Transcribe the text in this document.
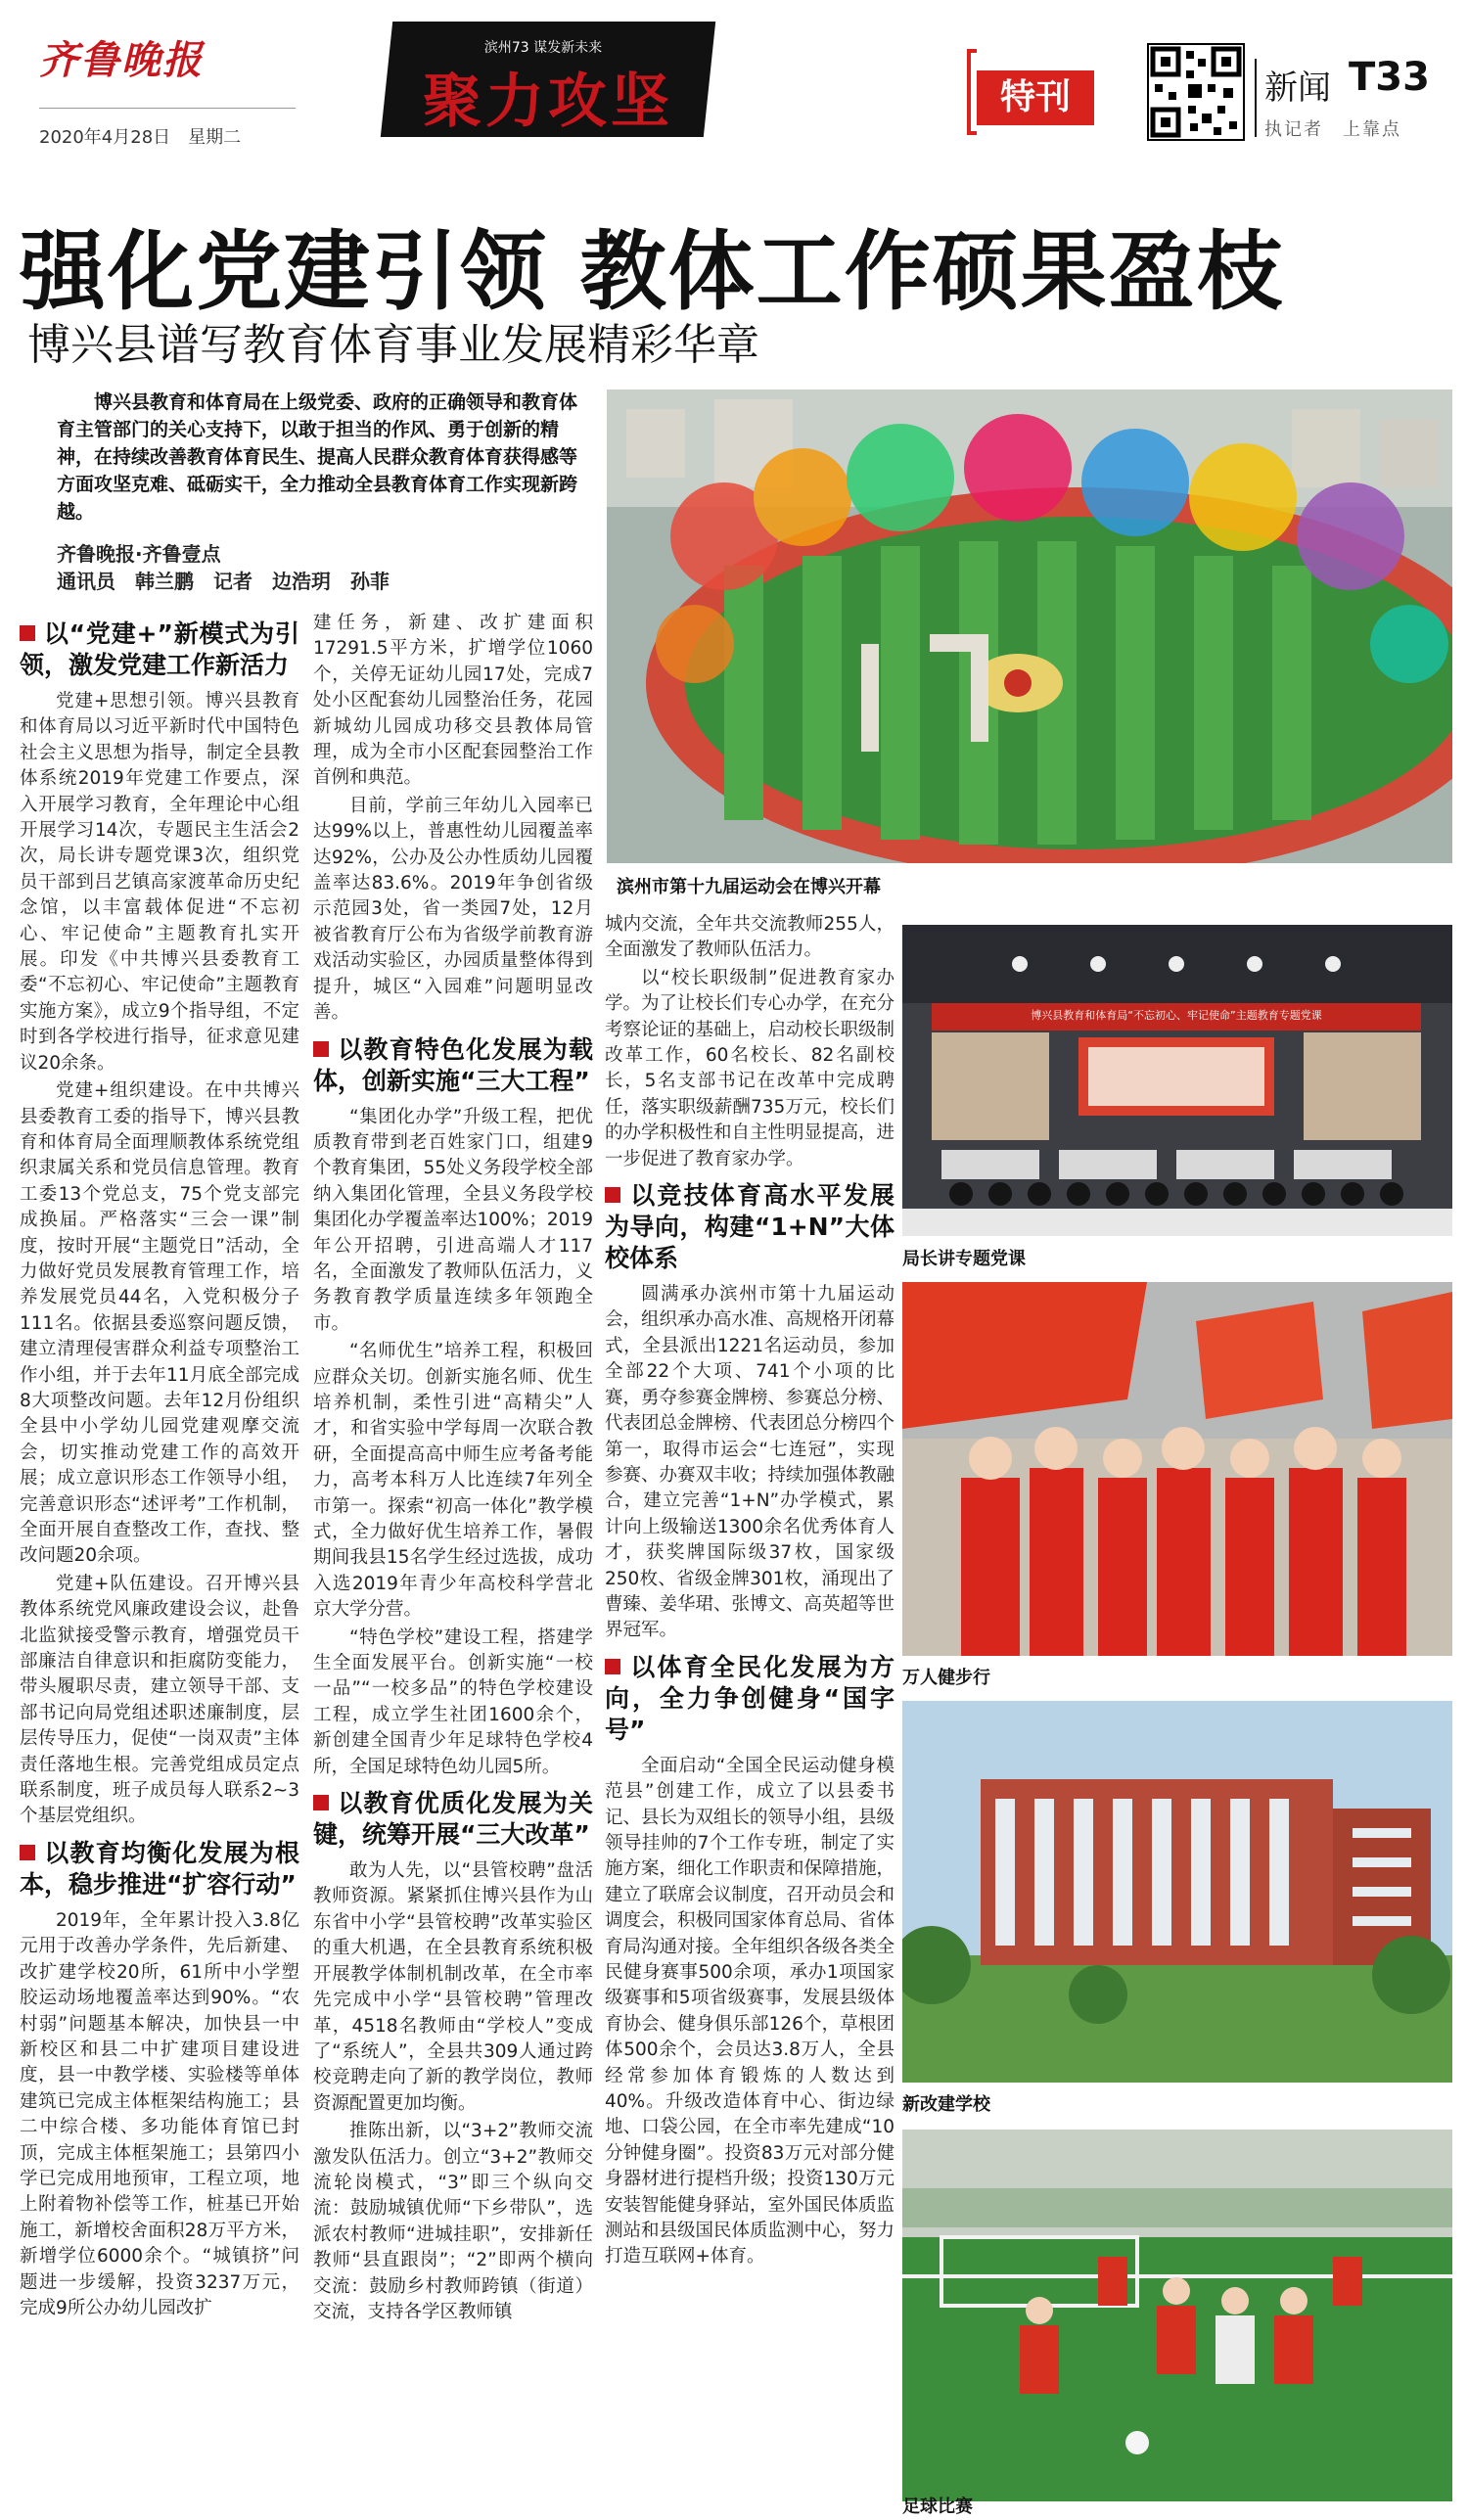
齐鲁晚报
2020年4月28日　星期二
滨州73 谋发新未来
聚力攻坚	特刊	新闻 T33
执记者　上靠点
强化党建引领 教体工作硕果盈枝
博兴县谱写教育体育事业发展精彩华章
博兴县教育和体育局在上级党委、政府的正确领导和教育体育主管部门的关心支持下，以敢于担当的作风、勇于创新的精神，在持续改善教育体育民生、提高人民群众教育体育获得感等方面攻坚克难、砥砺实干，全力推动全县教育体育工作实现新跨越。
齐鲁晚报·齐鲁壹点
通讯员　韩兰鹏　记者　边浩玥　孙菲
以“党建+”新模式为引领，激发党建工作新活力

党建+思想引领。博兴县教育和体育局以习近平新时代中国特色社会主义思想为指导，制定全县教体系统2019年党建工作要点，深入开展学习教育，全年理论中心组开展学习14次，专题民主生活会2次，局长讲专题党课3次，组织党员干部到吕艺镇高家渡革命历史纪念馆，以丰富载体促进“不忘初心、牢记使命”主题教育扎实开展。印发《中共博兴县委教育工委“不忘初心、牢记使命”主题教育实施方案》，成立9个指导组，不定时到各学校进行指导，征求意见建议20余条。

党建+组织建设。在中共博兴县委教育工委的指导下，博兴县教育和体育局全面理顺教体系统党组织隶属关系和党员信息管理。教育工委13个党总支，75个党支部完成换届。严格落实“三会一课”制度，按时开展“主题党日”活动，全力做好党员发展教育管理工作，培养发展党员44名，入党积极分子111名。依据县委巡察问题反馈，建立清理侵害群众利益专项整治工作小组，并于去年11月底全部完成8大项整改问题。去年12月份组织全县中小学幼儿园党建观摩交流会，切实推动党建工作的高效开展；成立意识形态工作领导小组，完善意识形态“述评考”工作机制，全面开展自查整改工作，查找、整改问题20余项。

党建+队伍建设。召开博兴县教体系统党风廉政建设会议，赴鲁北监狱接受警示教育，增强党员干部廉洁自律意识和拒腐防变能力，带头履职尽责，建立领导干部、支部书记向局党组述职述廉制度，层层传导压力，促使“一岗双责”主体责任落地生根。完善党组成员定点联系制度，班子成员每人联系2~3个基层党组织。

以教育均衡化发展为根本，稳步推进“扩容行动”

2019年，全年累计投入3.8亿元用于改善办学条件，先后新建、改扩建学校20所，61所中小学塑胶运动场地覆盖率达到90%。“农村弱”问题基本解决，加快县一中新校区和县二中扩建项目建设进度，县一中教学楼、实验楼等单体建筑已完成主体框架结构施工；县二中综合楼、多功能体育馆已封顶，完成主体框架施工；县第四小学已完成用地预审，工程立项，地上附着物补偿等工作，桩基已开始施工，新增校舍面积28万平方米，新增学位6000余个。“城镇挤”问题进一步缓解，投资3237万元，完成9所公办幼儿园改扩

建任务，新建、改扩建面积17291.5平方米，扩增学位1060个，关停无证幼儿园17处，完成7处小区配套幼儿园整治任务，花园新城幼儿园成功移交县教体局管理，成为全市小区配套园整治工作首例和典范。

目前，学前三年幼儿入园率已达99%以上，普惠性幼儿园覆盖率达92%，公办及公办性质幼儿园覆盖率达83.6%。2019年争创省级示范园3处，省一类园7处，12月被省教育厅公布为省级学前教育游戏活动实验区，办园质量整体得到提升，城区“入园难”问题明显改善。

以教育特色化发展为载体，创新实施“三大工程”

“集团化办学”升级工程，把优质教育带到老百姓家门口，组建9个教育集团，55处义务段学校全部纳入集团化管理，全县义务段学校集团化办学覆盖率达100%；2019年公开招聘，引进高端人才117名，全面激发了教师队伍活力，义务教育教学质量连续多年领跑全市。

“名师优生”培养工程，积极回应群众关切。创新实施名师、优生培养机制，柔性引进“高精尖”人才，和省实验中学每周一次联合教研，全面提高高中师生应考备考能力，高考本科万人比连续7年列全市第一。探索“初高一体化”教学模式，全力做好优生培养工作，暑假期间我县15名学生经过选拔，成功入选2019年青少年高校科学营北京大学分营。

“特色学校”建设工程，搭建学生全面发展平台。创新实施“一校一品”“一校多品”的特色学校建设工程，成立学生社团1600余个，新创建全国青少年足球特色学校4所，全国足球特色幼儿园5所。

以教育优质化发展为关键，统筹开展“三大改革”

敢为人先，以“县管校聘”盘活教师资源。紧紧抓住博兴县作为山东省中小学“县管校聘”改革实验区的重大机遇，在全县教育系统积极开展教学体制机制改革，在全市率先完成中小学“县管校聘”管理改革，4518名教师由“学校人”变成了“系统人”，全县共309人通过跨校竞聘走向了新的教学岗位，教师资源配置更加均衡。

推陈出新，以“3+2”教师交流激发队伍活力。创立“3+2”教师交流轮岗模式，“3”即三个纵向交流：鼓励城镇优师“下乡带队”，选派农村教师“进城挂职”，安排新任教师“县直跟岗”；“2”即两个横向交流：鼓励乡村教师跨镇（街道）交流，支持各学区教师镇

城内交流，全年共交流教师255人，全面激发了教师队伍活力。

以“校长职级制”促进教育家办学。为了让校长们专心办学，在充分考察论证的基础上，启动校长职级制改革工作，60名校长、82名副校长，5名支部书记在改革中完成聘任，落实职级薪酬735万元，校长们的办学积极性和自主性明显提高，进一步促进了教育家办学。

以竞技体育高水平发展为导向，构建“1+N”大体校体系

圆满承办滨州市第十九届运动会，组织承办高水准、高规格开闭幕式，全县派出1221名运动员，参加全部22个大项、741个小项的比赛，勇夺参赛金牌榜、参赛总分榜、代表团总金牌榜、代表团总分榜四个第一，取得市运会“七连冠”，实现参赛、办赛双丰收；持续加强体教融合，建立完善“1+N”办学模式，累计向上级输送1300余名优秀体育人才，获奖牌国际级37枚，国家级250枚、省级金牌301枚，涌现出了曹臻、姜华珺、张博文、高英超等世界冠军。

以体育全民化发展为方向，全力争创健身“国字号”

全面启动“全国全民运动健身模范县”创建工作，成立了以县委书记、县长为双组长的领导小组，县级领导挂帅的7个工作专班，制定了实施方案，细化工作职责和保障措施，建立了联席会议制度，召开动员会和调度会，积极同国家体育总局、省体育局沟通对接。全年组织各级各类全民健身赛事500余项，承办1项国家级赛事和5项省级赛事，发展县级体育协会、健身俱乐部126个，草根团体500余个，会员达3.8万人，全县经常参加体育锻炼的人数达到40%。升级改造体育中心、街边绿地、口袋公园，在全市率先建成“10分钟健身圈”。投资83万元对部分健身器材进行提档升级；投资130万元安装智能健身驿站，室外国民体质监测站和县级国民体质监测中心，努力打造互联网+体育。

滨州市第十九届运动会在博兴开幕
博兴县教育和体育局“不忘初心、牢记使命”主题教育专题党课
局长讲专题党课
万人健步行
新改建学校
足球比赛
